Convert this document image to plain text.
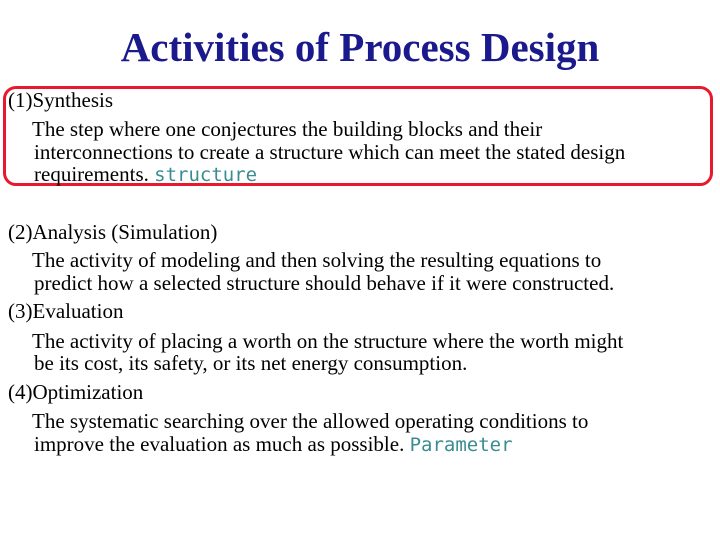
Activities of Process Design
(1)Synthesis
The step where one conjectures the building blocks and their
interconnections to create a structure which can meet the stated design
requirements. structure
(2)Analysis (Simulation)
The activity of modeling and then solving the resulting equations to
predict how a selected structure should behave if it were constructed.
(3)Evaluation
The activity of placing a worth on the structure where the worth might
be its cost, its safety, or its net energy consumption.
(4)Optimization
The systematic searching over the allowed operating conditions to
improve the evaluation as much as possible. Parameter
